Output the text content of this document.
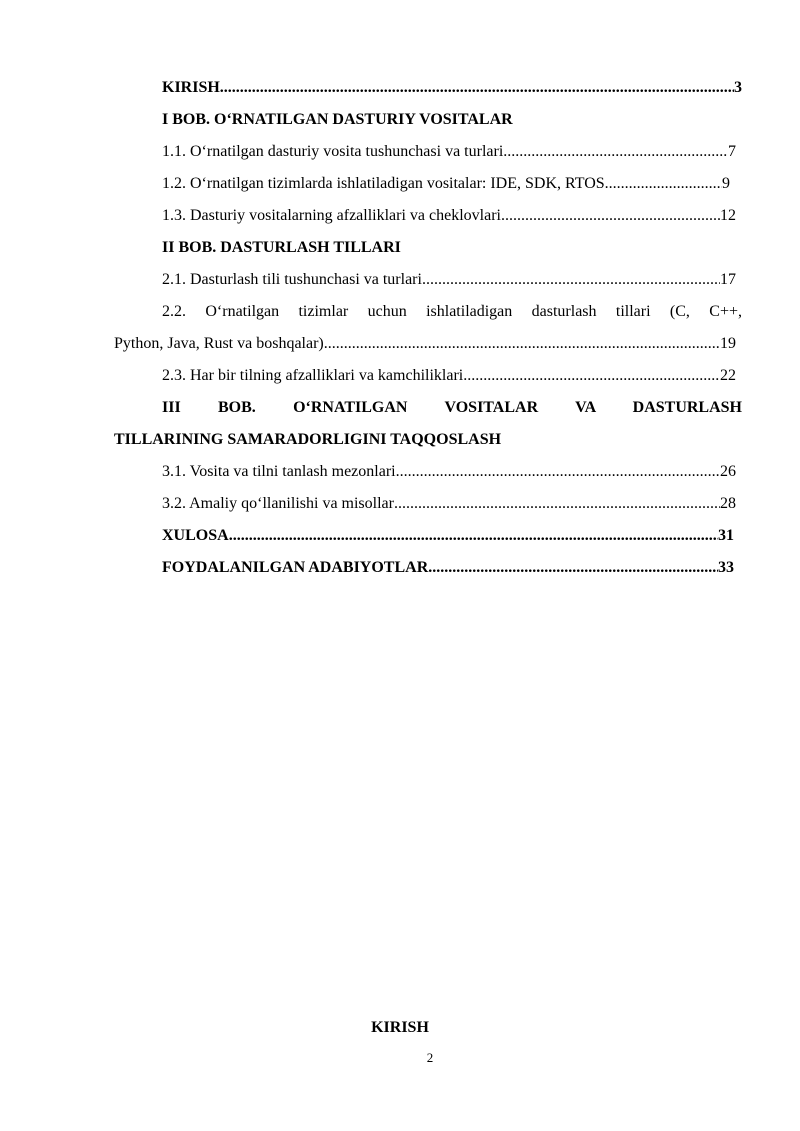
KIRISH .....	3
I BOB. O‘RNATILGAN DASTURIY VOSITALAR
1.1. O‘rnatilgan dasturiy vosita tushunchasi va turlari .....	7
1.2. O‘rnatilgan tizimlarda ishlatiladigan vositalar: IDE, SDK, RTOS .....	9
1.3. Dasturiy vositalarning afzalliklari va cheklovlari .....	12
II BOB. DASTURLASH TILLARI
2.1. Dasturlash tili tushunchasi va turlari .....	17
2.2. O‘rnatilgan tizimlar uchun ishlatiladigan dasturlash tillari (C, C++,
Python, Java, Rust va boshqalar) .....	19
2.3. Har bir tilning afzalliklari va kamchiliklari .....	22
III BOB. O‘RNATILGAN VOSITALAR VA DASTURLASH
TILLARINING SAMARADORLIGINI TAQQOSLASH
3.1. Vosita va tilni tanlash mezonlari .....	26
3.2. Amaliy qo‘llanilishi va misollar .....	28
XULOSA .....	31
FOYDALANILGAN ADABIYOTLAR .....	33
KIRISH
2
